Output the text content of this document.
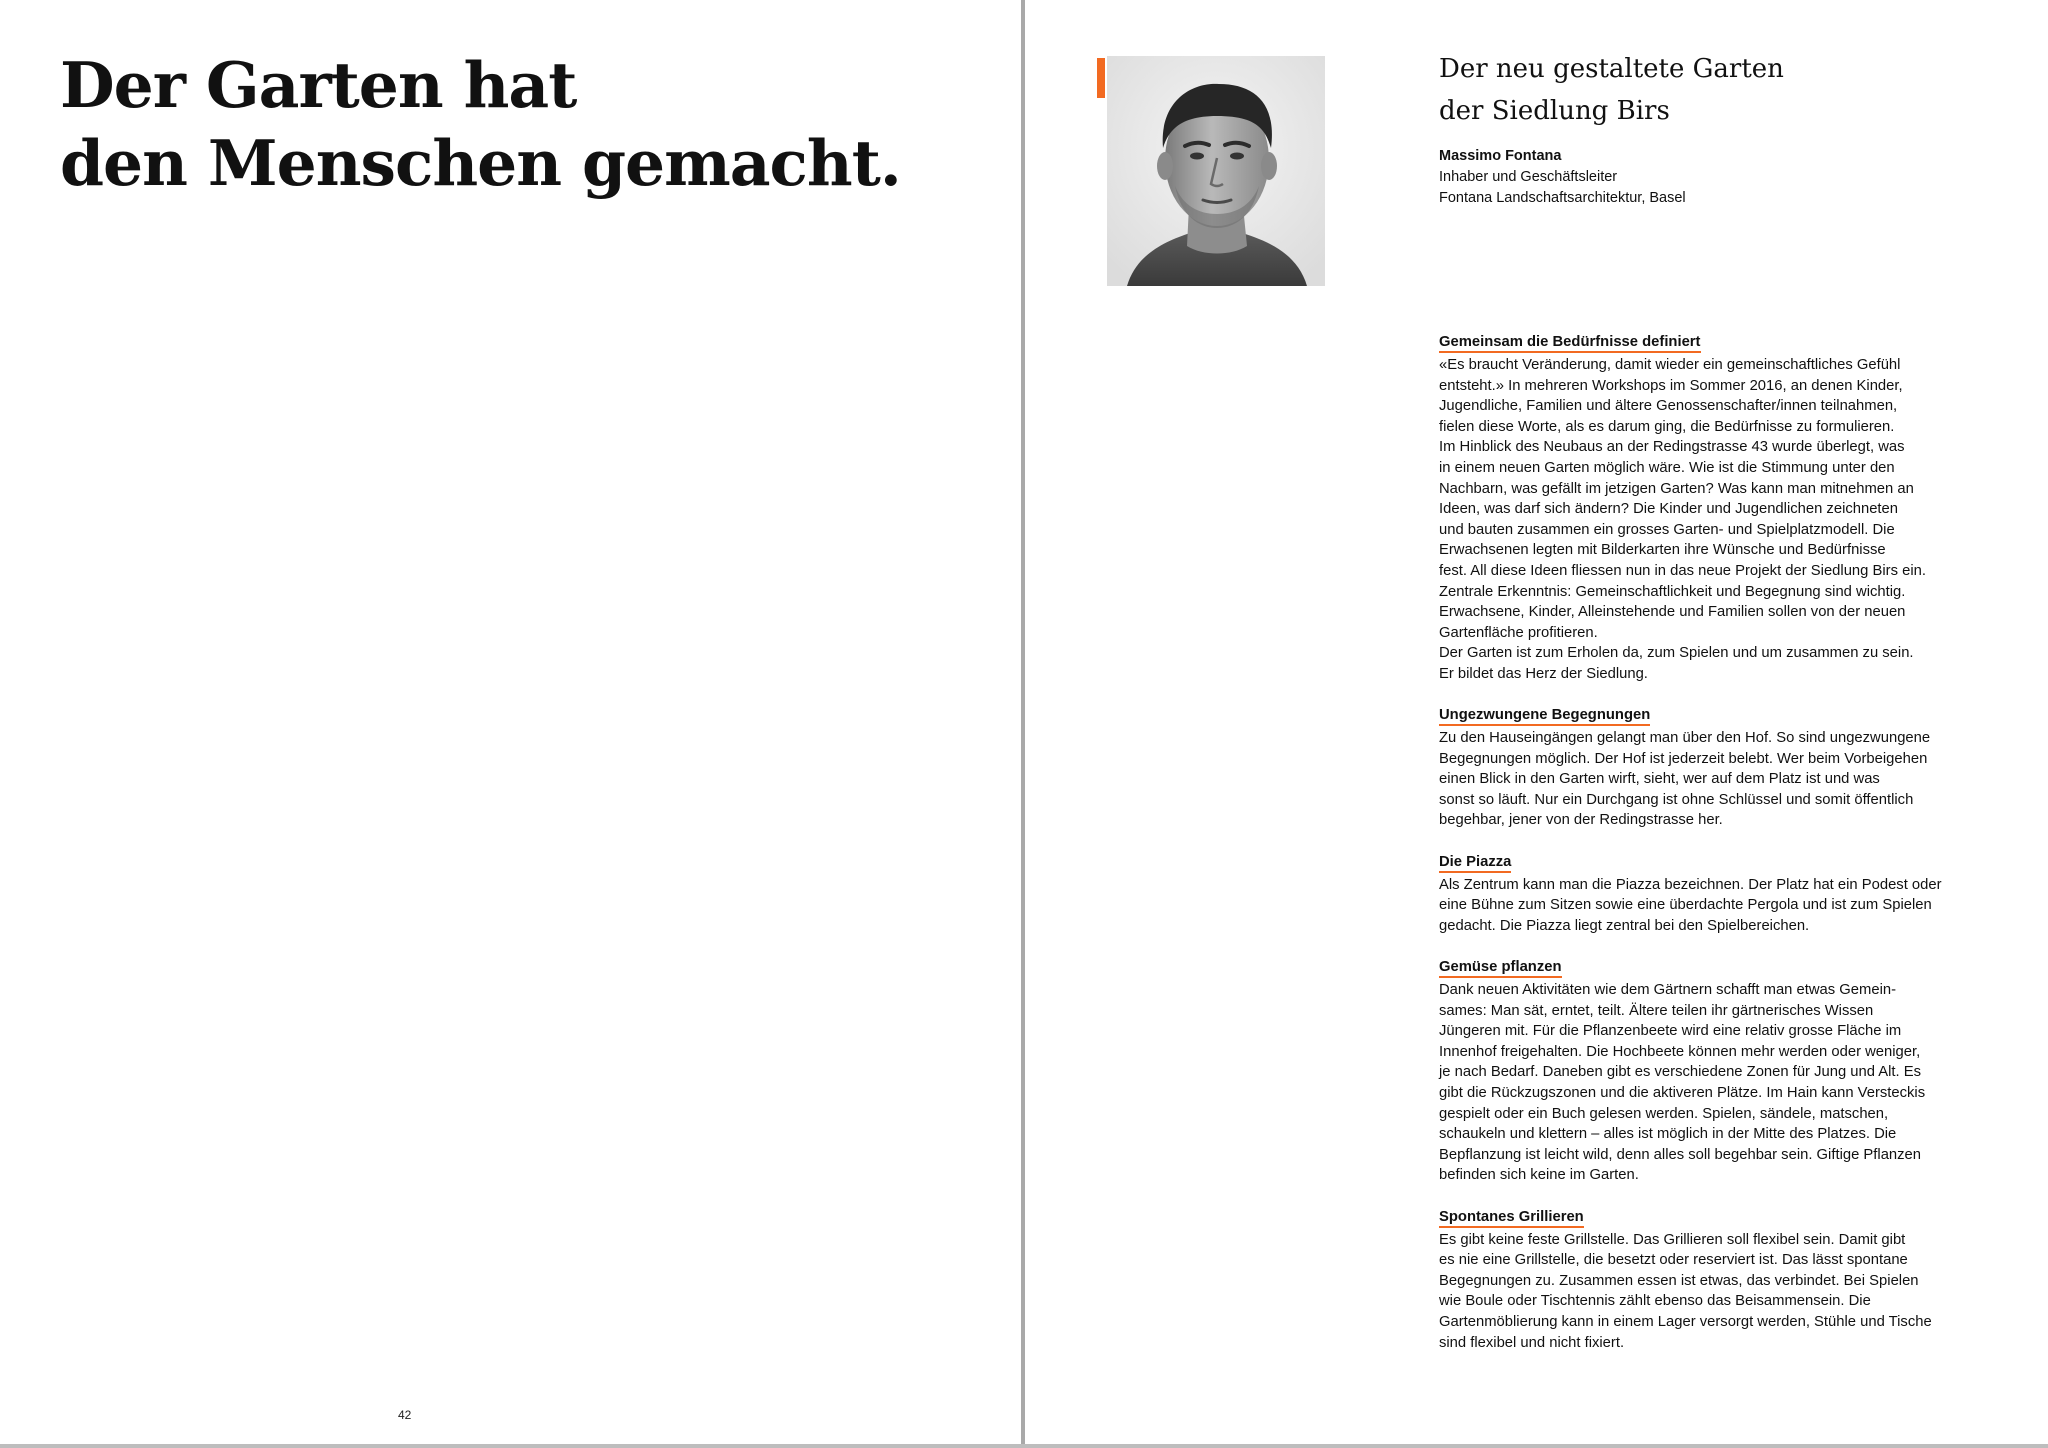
Der Garten hat
den Menschen gemacht.
42
Der neu gestaltete Garten
der Siedlung Birs
Massimo Fontana
Inhaber und Geschäftsleiter
Fontana Landschaftsarchitektur, Basel
Gemeinsam die Bedürfnisse definiert
«Es braucht Veränderung, damit wieder ein gemeinschaftliches Gefühl
entsteht.» In mehreren Workshops im Sommer 2016, an denen Kinder,
Jugendliche, Familien und ältere Genossenschafter/innen teilnahmen,
fielen diese Worte, als es darum ging, die Bedürfnisse zu formulieren.
Im Hinblick des Neubaus an der Redingstrasse 43 wurde überlegt, was
in einem neuen Garten möglich wäre. Wie ist die Stimmung unter den
Nachbarn, was gefällt im jetzigen Garten? Was kann man mitnehmen an
Ideen, was darf sich ändern? Die Kinder und Jugendlichen zeichneten
und bauten zusammen ein grosses Garten- und Spielplatzmodell. Die
Erwachsenen legten mit Bilderkarten ihre Wünsche und Bedürfnisse
fest. All diese Ideen fliessen nun in das neue Projekt der Siedlung Birs ein.
Zentrale Erkenntnis: Gemeinschaftlichkeit und Begegnung sind wichtig.
Erwachsene, Kinder, Alleinstehende und Familien sollen von der neuen
Gartenfläche profitieren.
Der Garten ist zum Erholen da, zum Spielen und um zusammen zu sein.
Er bildet das Herz der Siedlung.
Ungezwungene Begegnungen
Zu den Hauseingängen gelangt man über den Hof. So sind ungezwungene
Begegnungen möglich. Der Hof ist jederzeit belebt. Wer beim Vorbeigehen
einen Blick in den Garten wirft, sieht, wer auf dem Platz ist und was
sonst so läuft. Nur ein Durchgang ist ohne Schlüssel und somit öffentlich
begehbar, jener von der Redingstrasse her.
Die Piazza
Als Zentrum kann man die Piazza bezeichnen. Der Platz hat ein Podest oder
eine Bühne zum Sitzen sowie eine überdachte Pergola und ist zum Spielen
gedacht. Die Piazza liegt zentral bei den Spielbereichen.
Gemüse pflanzen
Dank neuen Aktivitäten wie dem Gärtnern schafft man etwas Gemein-
sames: Man sät, erntet, teilt. Ältere teilen ihr gärtnerisches Wissen
Jüngeren mit. Für die Pflanzenbeete wird eine relativ grosse Fläche im
Innenhof freigehalten. Die Hochbeete können mehr werden oder weniger,
je nach Bedarf. Daneben gibt es verschiedene Zonen für Jung und Alt. Es
gibt die Rückzugszonen und die aktiveren Plätze. Im Hain kann Versteckis
gespielt oder ein Buch gelesen werden. Spielen, sändele, matschen,
schaukeln und klettern – alles ist möglich in der Mitte des Platzes. Die
Bepflanzung ist leicht wild, denn alles soll begehbar sein. Giftige Pflanzen
befinden sich keine im Garten.
Spontanes Grillieren
Es gibt keine feste Grillstelle. Das Grillieren soll flexibel sein. Damit gibt
es nie eine Grillstelle, die besetzt oder reserviert ist. Das lässt spontane
Begegnungen zu. Zusammen essen ist etwas, das verbindet. Bei Spielen
wie Boule oder Tischtennis zählt ebenso das Beisammensein. Die
Gartenmöblierung kann in einem Lager versorgt werden, Stühle und Tische
sind flexibel und nicht fixiert.
